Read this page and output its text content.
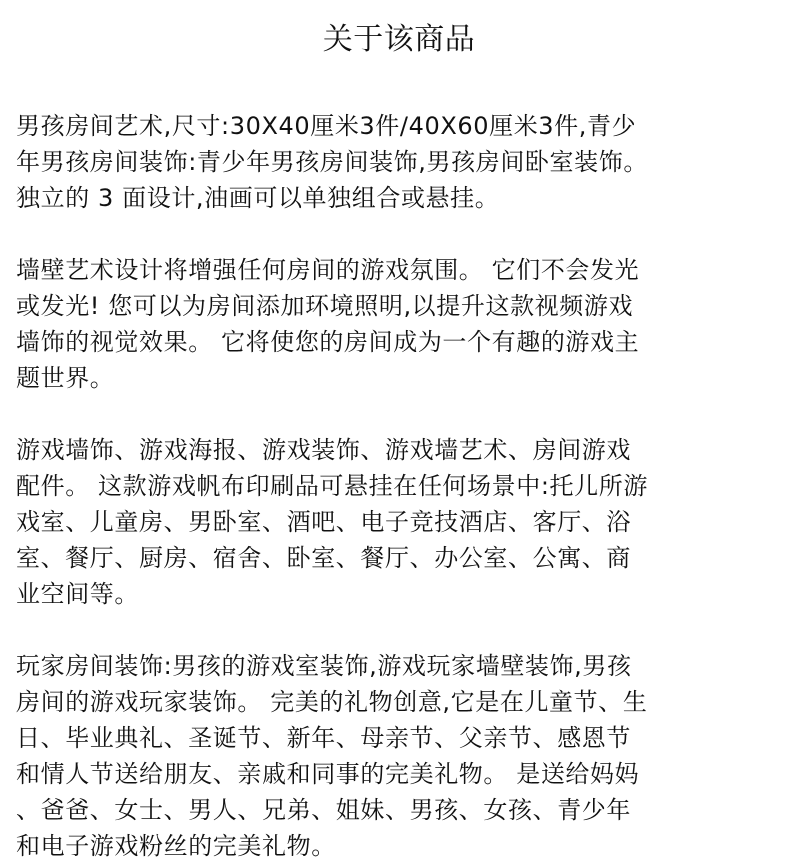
关于该商品
男孩房间艺术,尺寸:30X40厘米3件/40X60厘米3件,青少
年男孩房间装饰:青少年男孩房间装饰,男孩房间卧室装饰。
独立的 3 面设计,油画可以单独组合或悬挂。
墙壁艺术设计将增强任何房间的游戏氛围。 它们不会发光
或发光! 您可以为房间添加环境照明,以提升这款视频游戏
墙饰的视觉效果。 它将使您的房间成为一个有趣的游戏主
题世界。
游戏墙饰、游戏海报、游戏装饰、游戏墙艺术、房间游戏
配件。 这款游戏帆布印刷品可悬挂在任何场景中:托儿所游
戏室、儿童房、男卧室、酒吧、电子竞技酒店、客厅、浴
室、餐厅、厨房、宿舍、卧室、餐厅、办公室、公寓、商
业空间等。
玩家房间装饰:男孩的游戏室装饰,游戏玩家墙壁装饰,男孩
房间的游戏玩家装饰。 完美的礼物创意,它是在儿童节、生
日、毕业典礼、圣诞节、新年、母亲节、父亲节、感恩节
和情人节送给朋友、亲戚和同事的完美礼物。 是送给妈妈
、爸爸、女士、男人、兄弟、姐妹、男孩、女孩、青少年
和电子游戏粉丝的完美礼物。
